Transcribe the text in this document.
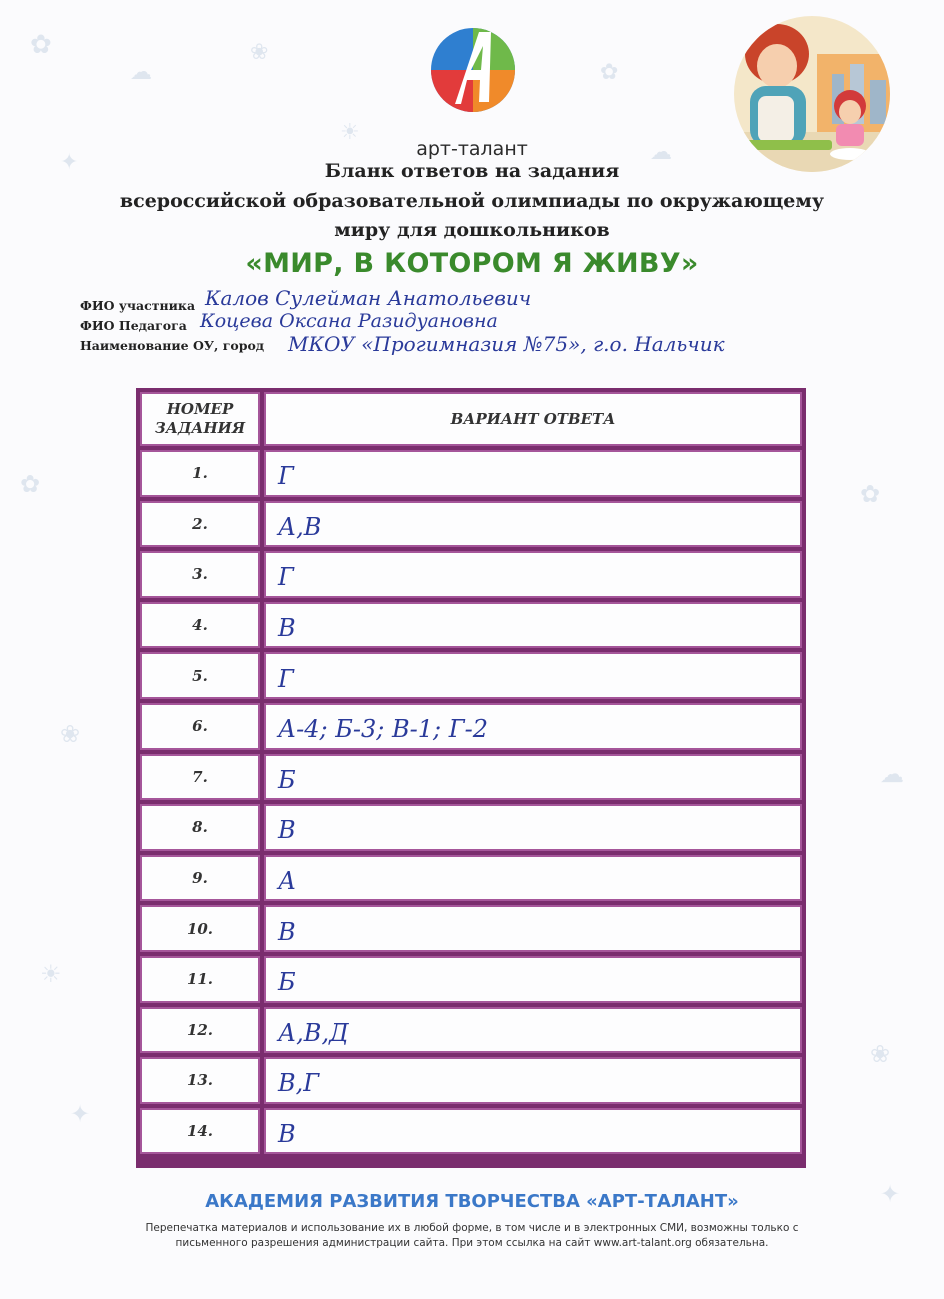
✿
☁
❀
☀
✦
✿
☁
✿
❀
☀
✦
✿
☁
❀
✦
арт-талант
Бланк ответов на задания
всероссийской образовательной олимпиады по окружающему
миру для дошкольников
«МИР, В КОТОРОМ Я ЖИВУ»
ФИО участника Калов Сулейман Анатольевич
ФИО Педагога Коцева Оксана Разидуановна
Наименование ОУ, город МКОУ «Прогимназия №75», г.о. Нальчик
НОМЕР
ЗАДАНИЯ
ВАРИАНТ ОТВЕТА
1.	Г
2.	А,В
3.	Г
4.	В
5.	Г
6.	А-4; Б-3; В-1; Г-2
7.	Б
8.	В
9.	А
10.	В
11.	Б
12.	А,В,Д
13.	В,Г
14.	В
АКАДЕМИЯ РАЗВИТИЯ ТВОРЧЕСТВА «АРТ-ТАЛАНТ»
Перепечатка материалов и использование их в любой форме, в том числе и в электронных СМИ, возможны только с
письменного разрешения администрации сайта. При этом ссылка на сайт www.art-talant.org обязательна.
